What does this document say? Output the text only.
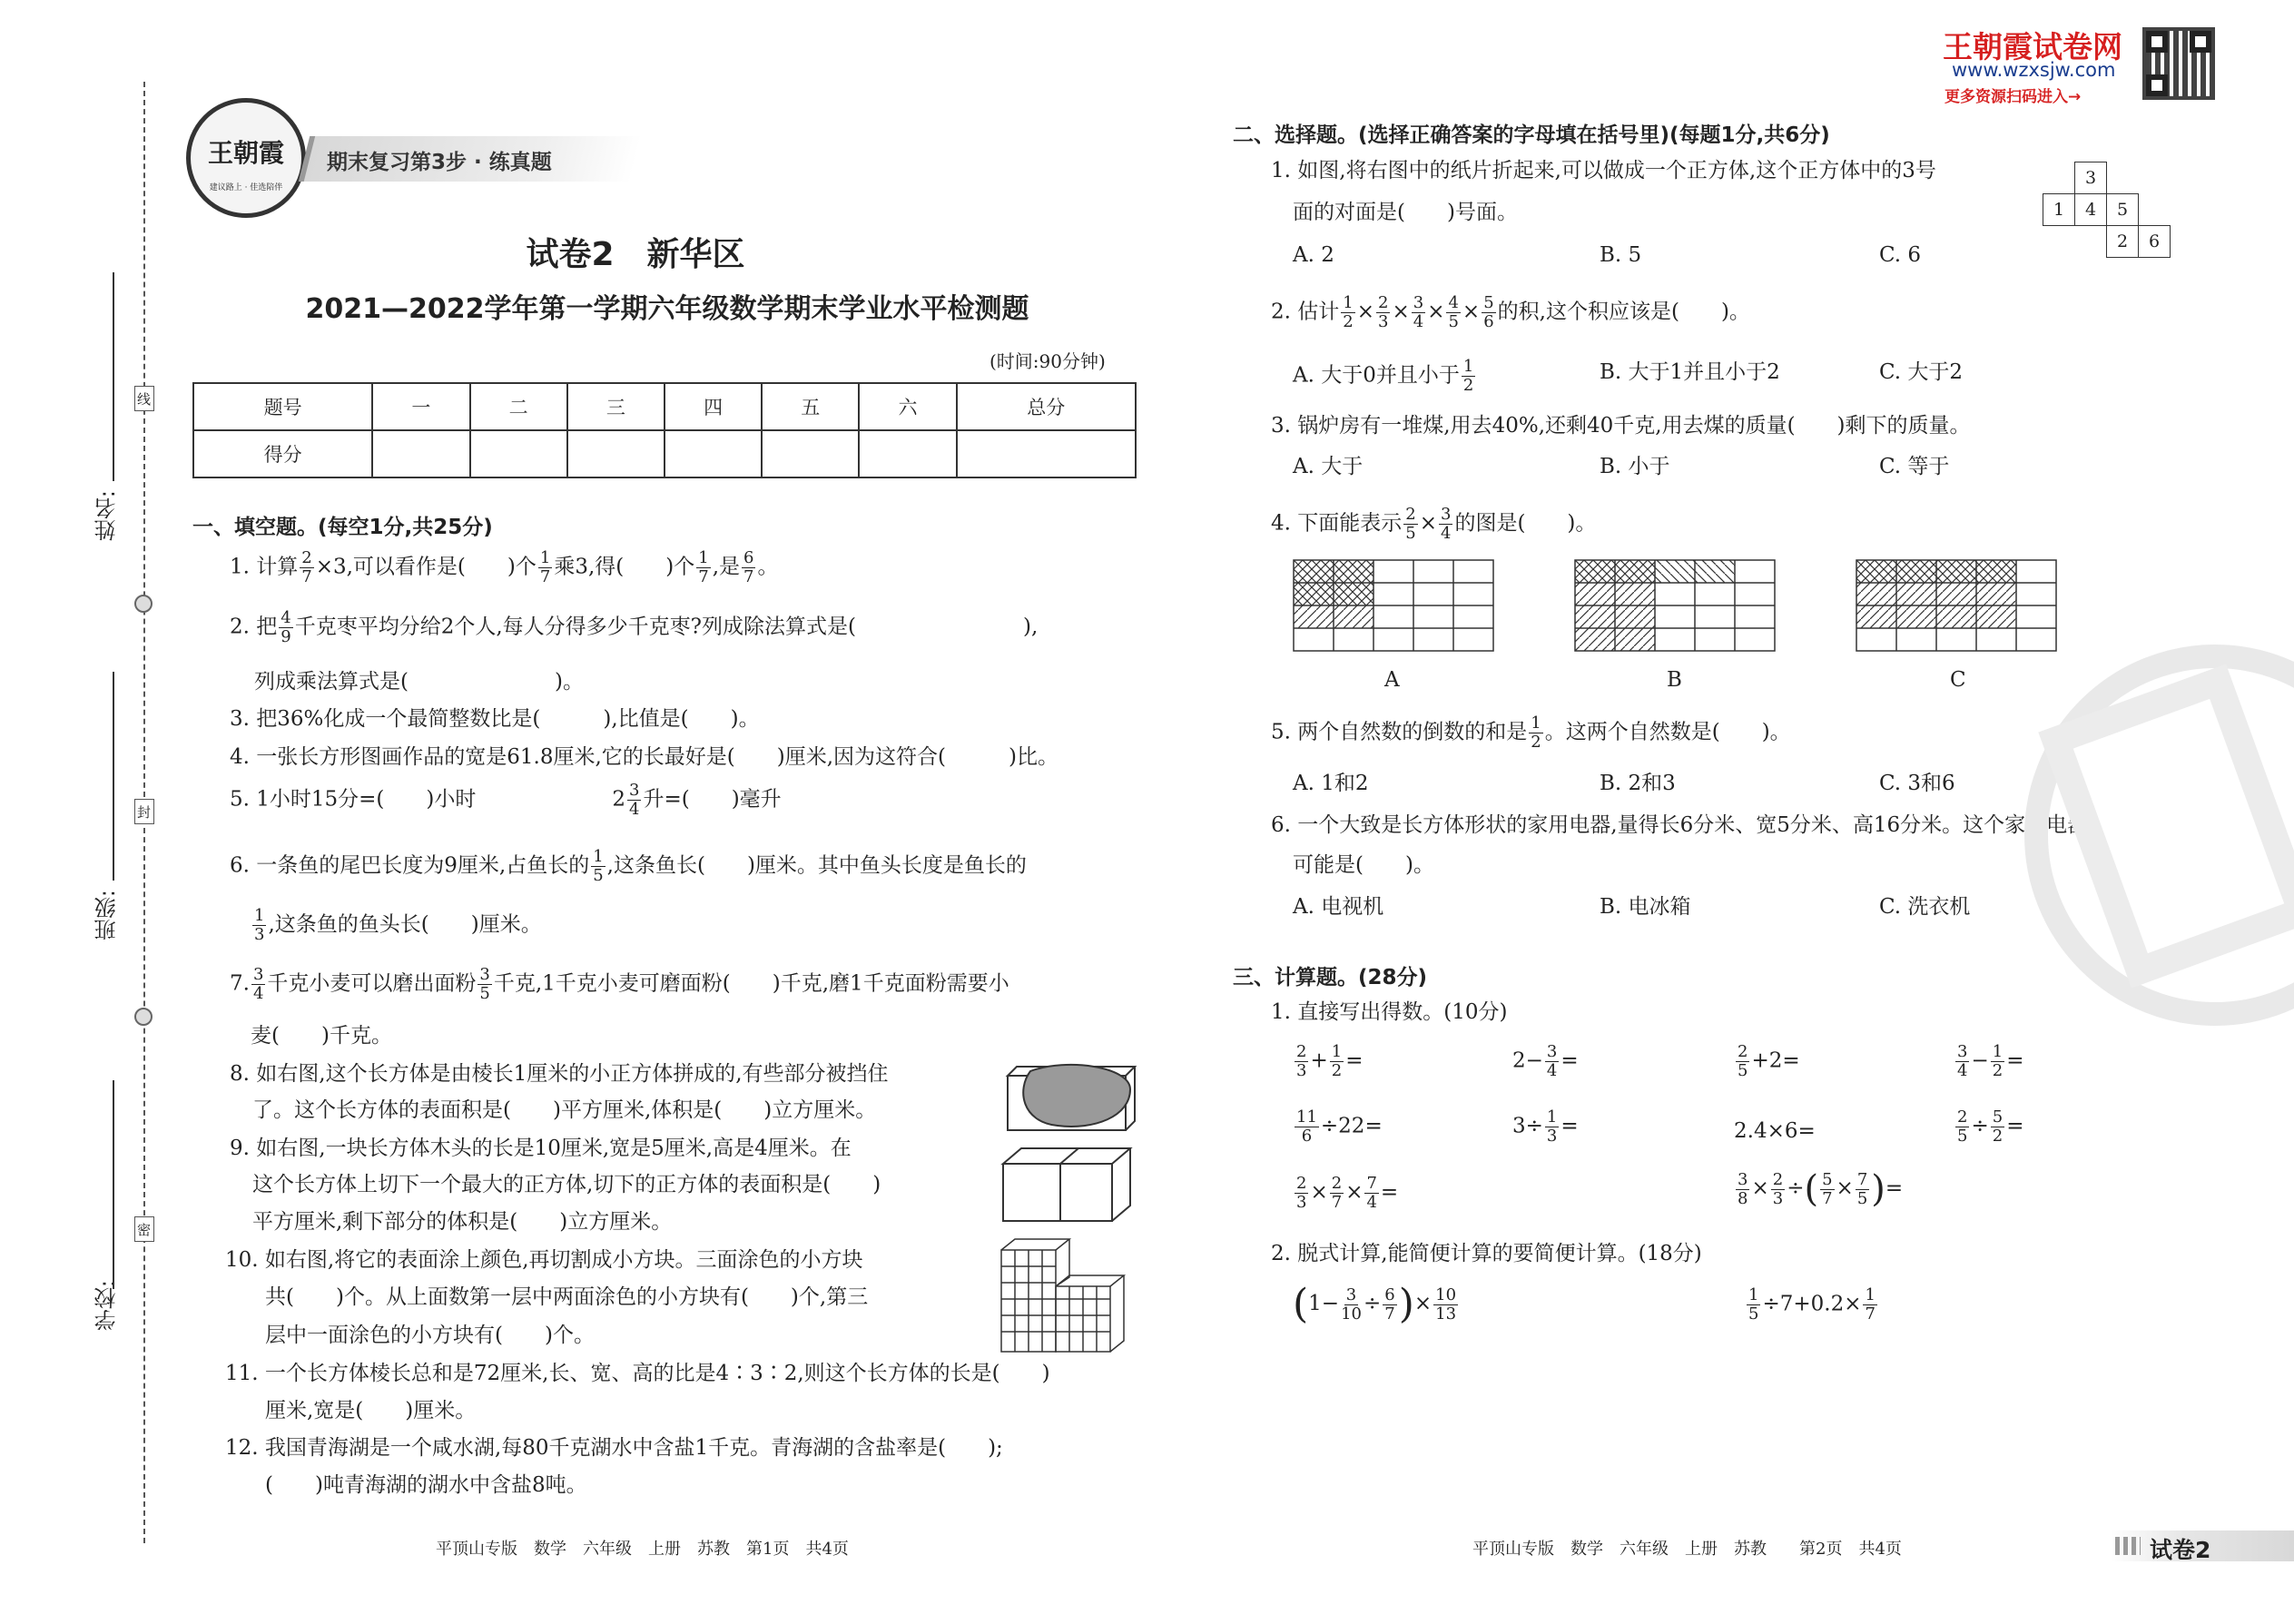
姓名:
班级:
学校:
线
封
密
王朝霞
建议路上 · 佳选陪伴
期末复习第3步 · 练真题
王朝霞试卷网
www.wzxsjw.com
更多资源扫码进入→
试卷2　新华区
2021—2022学年第一学期六年级数学期末学业水平检测题
(时间:90分钟)
题号	一	二	三	四	五	六	总分
得分							
一、填空题。(每空1分,共25分)
1. 计算 $\frac{2}{7} \times 3$,可以看作是(　　)个 $\frac{1}{7}$ 乘3,得(　　)个 $\frac{1}{7}$ ,是 $\frac{6}{7}$ 。
2. 把 $\frac{4}{9}$ 千克枣平均分给2个人,每人分得多少千克枣?列成除法算式是(　　　　　　　　),
列成乘法算式是(　　　　　　　)。
3. 把36%化成一个最简整数比是(　　　),比值是(　　)。
4. 一张长方形图画作品的宽是61.8厘米,它的长最好是(　　)厘米,因为这符合(　　　)比。
5. 1小时15分=(　　)小时	$2 \frac{3}{4}$ 升=(　　)毫升
6. 一条鱼的尾巴长度为9厘米,占鱼长的 $\frac{1}{5}$ ,这条鱼长(　　)厘米。其中鱼头长度是鱼长的
$\frac{1}{3}$ ,这条鱼的鱼头长(　　)厘米。
7. $\frac{3}{4}$ 千克小麦可以磨出面粉 $\frac{3}{5}$ 千克,1千克小麦可磨面粉(　　)千克,磨1千克面粉需要小
麦(　　)千克。
8. 如右图,这个长方体是由棱长1厘米的小正方体拼成的,有些部分被挡住
了。这个长方体的表面积是(　　)平方厘米,体积是(　　)立方厘米。
9. 如右图,一块长方体木头的长是10厘米,宽是5厘米,高是4厘米。在
这个长方体上切下一个最大的正方体,切下的正方体的表面积是(　　)
平方厘米,剩下部分的体积是(　　)立方厘米。
10. 如右图,将它的表面涂上颜色,再切割成小方块。三面涂色的小方块
共(　　)个。从上面数第一层中两面涂色的小方块有(　　)个,第三
层中一面涂色的小方块有(　　)个。
11. 一个长方体棱长总和是72厘米,长、宽、高的比是4∶3∶2,则这个长方体的长是(　　)
厘米,宽是(　　)厘米。
12. 我国青海湖是一个咸水湖,每80千克湖水中含盐1千克。青海湖的含盐率是(　　);
(　　)吨青海湖的湖水中含盐8吨。
二、选择题。(选择正确答案的字母填在括号里)(每题1分,共6分)
1. 如图,将右图中的纸片折起来,可以做成一个正方体,这个正方体中的3号
面的对面是(　　)号面。
A. 2	B. 5	C. 6
	3		
1	4	5	
		2	6
2. 估计 $\frac{1}{2} \times \frac{2}{3} \times \frac{3}{4} \times \frac{4}{5} \times \frac{5}{6}$ 的积,这个积应该是(　　)。
A. 大于0并且小于 $\frac{1}{2}$	B. 大于1并且小于2	C. 大于2
3. 锅炉房有一堆煤,用去40%,还剩40千克,用去煤的质量(　　)剩下的质量。
A. 大于	B. 小于	C. 等于
4. 下面能表示 $\frac{2}{5} \times \frac{3}{4}$ 的图是(　　)。
A	B	C
5. 两个自然数的倒数的和是 $\frac{1}{2}$ 。这两个自然数是(　　)。
A. 1和2	B. 2和3	C. 3和6
6. 一个大致是长方体形状的家用电器,量得长6分米、宽5分米、高16分米。这个家用电器
可能是(　　)。
A. 电视机	B. 电冰箱	C. 洗衣机
三、计算题。(28分)
1. 直接写出得数。(10分)
$\frac{2}{3} + \frac{1}{2}$ =	$2- \frac{3}{4}$ =	$\frac{2}{5} +2=$	$\frac{3}{4} - \frac{1}{2}$ =
$\frac{11}{6} \div 22=$	$3\div \frac{1}{3}$ =	2.4×6=	$\frac{2}{5} \div \frac{5}{2}$ =
$\frac{2}{3} \times \frac{2}{7} \times \frac{7}{4}$ =	$\frac{3}{8} \times \frac{2}{3}$ ÷( $\frac{5}{7} \times \frac{7}{5}$ )=
2. 脱式计算,能简便计算的要简便计算。(18分)
($1- \frac{3}{10} \div \frac{6}{7}$ )× $\frac{10}{13}$	$\frac{1}{5} \div 7+0.2\times \frac{1}{7}$
平顶山专版　数学　六年级　上册　苏教　第1页　共4页	平顶山专版　数学　六年级　上册　苏教　　第2页　共4页	试卷2
